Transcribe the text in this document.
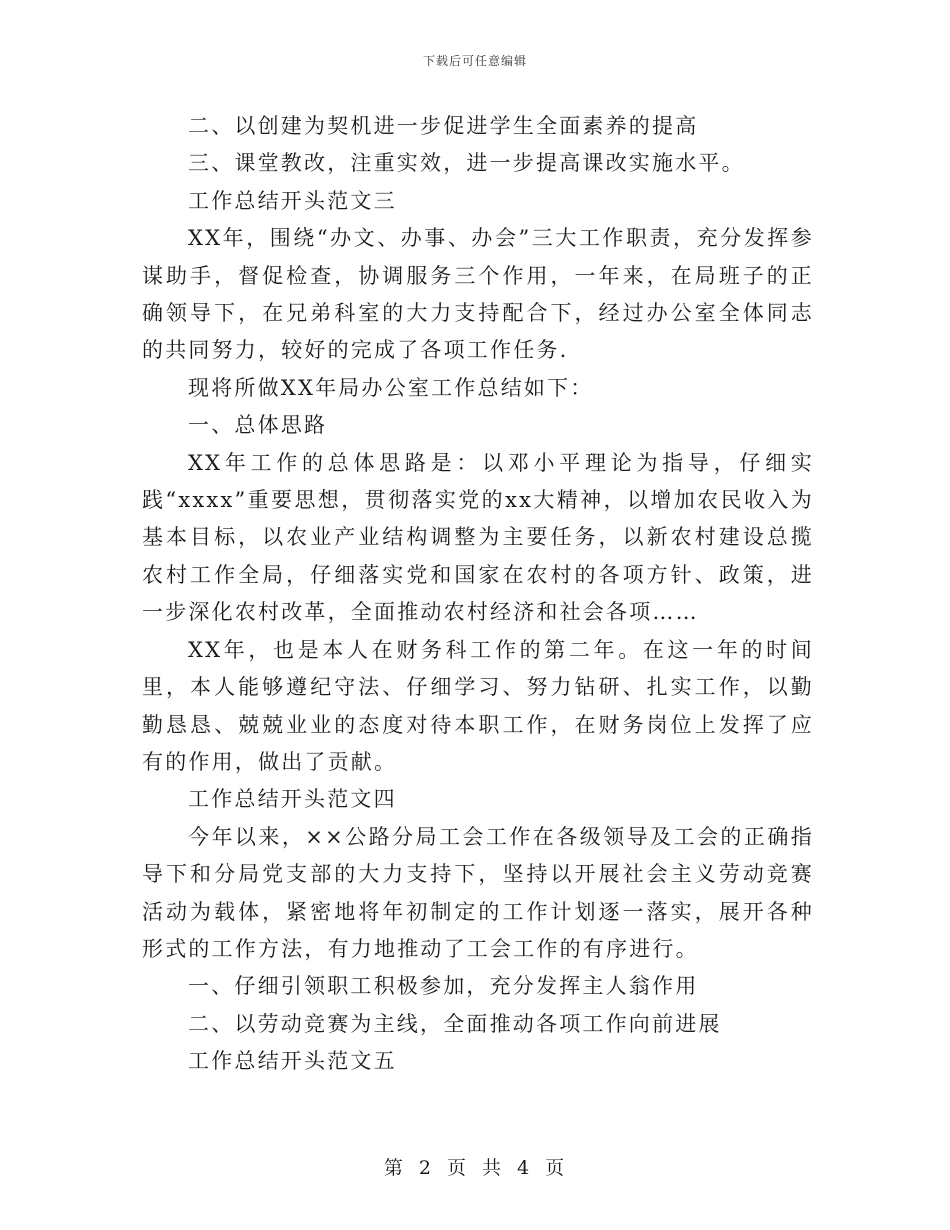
下载后可任意编辑

二、以创建为契机进一步促进学生全面素养的提高

三、课堂教改，注重实效，进一步提高课改实施水平。

工作总结开头范文三

XX年，围绕“办文、办事、办会”三大工作职责，充分发挥参谋助手，督促检查，协调服务三个作用，一年来，在局班子的正确领导下，在兄弟科室的大力支持配合下，经过办公室全体同志的共同努力，较好的完成了各项工作任务.

现将所做XX年局办公室工作总结如下：

一、总体思路

XX年工作的总体思路是：以邓小平理论为指导，仔细实践“xxxx”重要思想，贯彻落实党的xx大精神，以增加农民收入为基本目标，以农业产业结构调整为主要任务，以新农村建设总揽农村工作全局，仔细落实党和国家在农村的各项方针、政策，进一步深化农村改革，全面推动农村经济和社会各项……

XX年，也是本人在财务科工作的第二年。在这一年的时间里，本人能够遵纪守法、仔细学习、努力钻研、扎实工作，以勤勤恳恳、兢兢业业的态度对待本职工作，在财务岗位上发挥了应有的作用，做出了贡献。

工作总结开头范文四

今年以来，××公路分局工会工作在各级领导及工会的正确指导下和分局党支部的大力支持下，坚持以开展社会主义劳动竞赛活动为载体，紧密地将年初制定的工作计划逐一落实，展开各种形式的工作方法，有力地推动了工会工作的有序进行。

一、仔细引领职工积极参加，充分发挥主人翁作用

二、以劳动竞赛为主线，全面推动各项工作向前进展

工作总结开头范文五

第 2 页 共 4 页
